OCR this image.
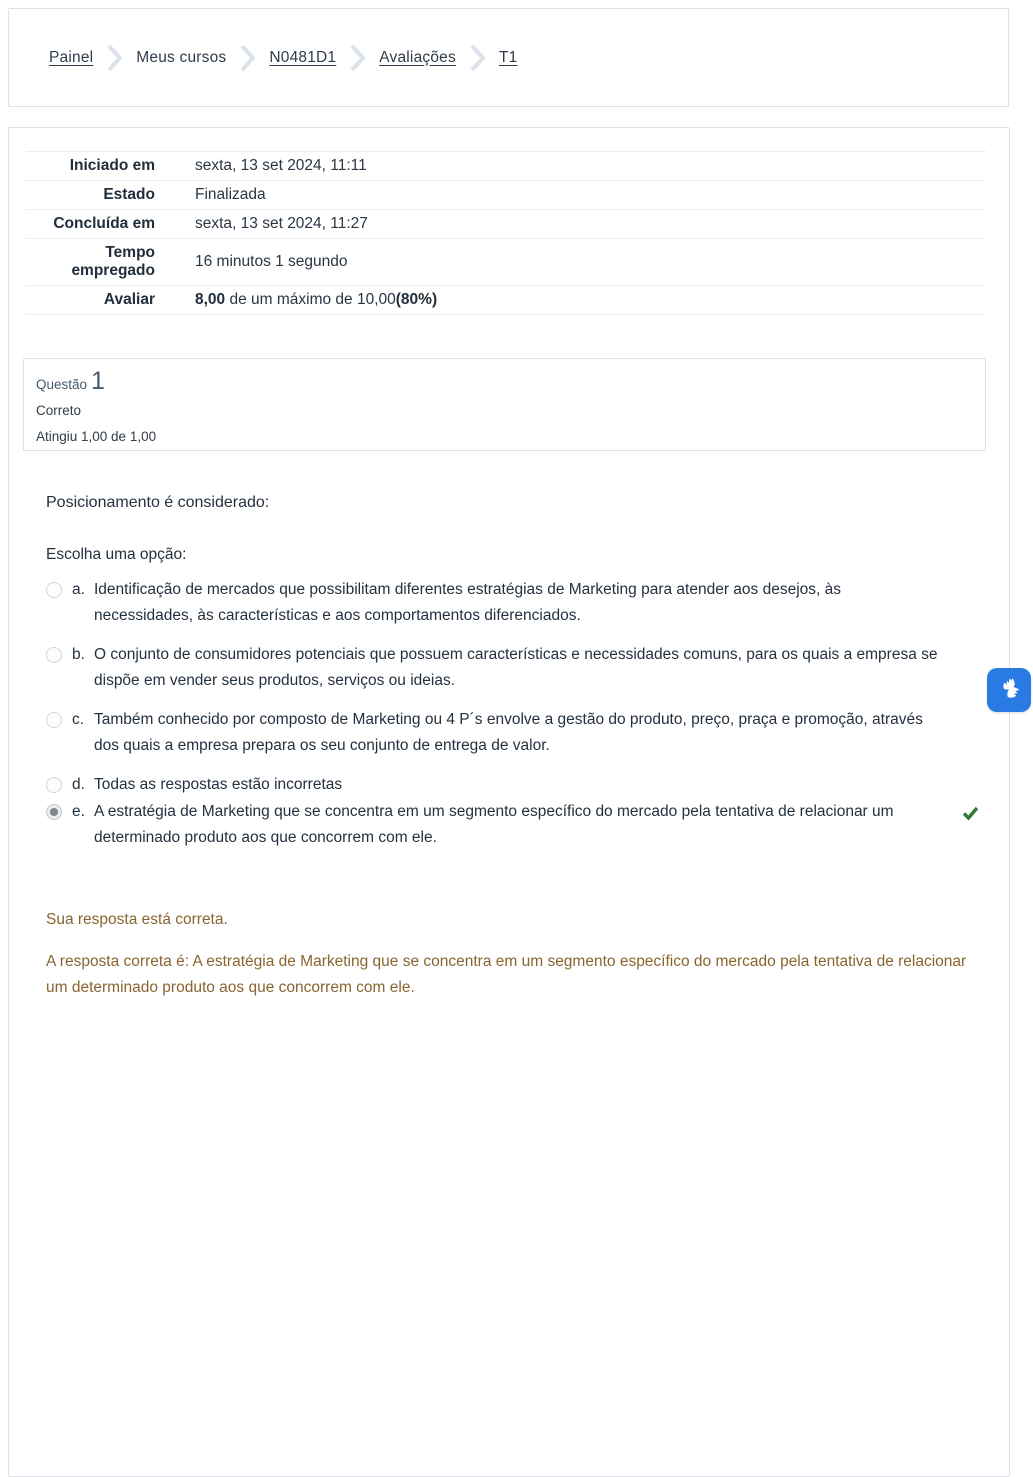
Painel	Meus cursos	N0481D1	Avaliações	T1
Iniciado em	sexta, 13 set 2024, 11:11
Estado	Finalizada
Concluída em	sexta, 13 set 2024, 11:27
Tempo empregado	16 minutos 1 segundo
Avaliar	8,00 de um máximo de 10,00(80%)
Questão 1
Correto
Atingiu 1,00 de 1,00

Posicionamento é considerado:

Escolha uma opção:

a. Identificação de mercados que possibilitam diferentes estratégias de Marketing para atender aos desejos, às necessidades, às características e aos comportamentos diferenciados.
b. O conjunto de consumidores potenciais que possuem características e necessidades comuns, para os quais a empresa se dispõe em vender seus produtos, serviços ou ideias.
c. Também conhecido por composto de Marketing ou 4 P´s envolve a gestão do produto, preço, praça e promoção, através dos quais a empresa prepara os seu conjunto de entrega de valor.
d. Todas as respostas estão incorretas
e. A estratégia de Marketing que se concentra em um segmento específico do mercado pela tentativa de relacionar um determinado produto aos que concorrem com ele.

Sua resposta está correta.

A resposta correta é: A estratégia de Marketing que se concentra em um segmento específico do mercado pela tentativa de relacionar um determinado produto aos que concorrem com ele.
